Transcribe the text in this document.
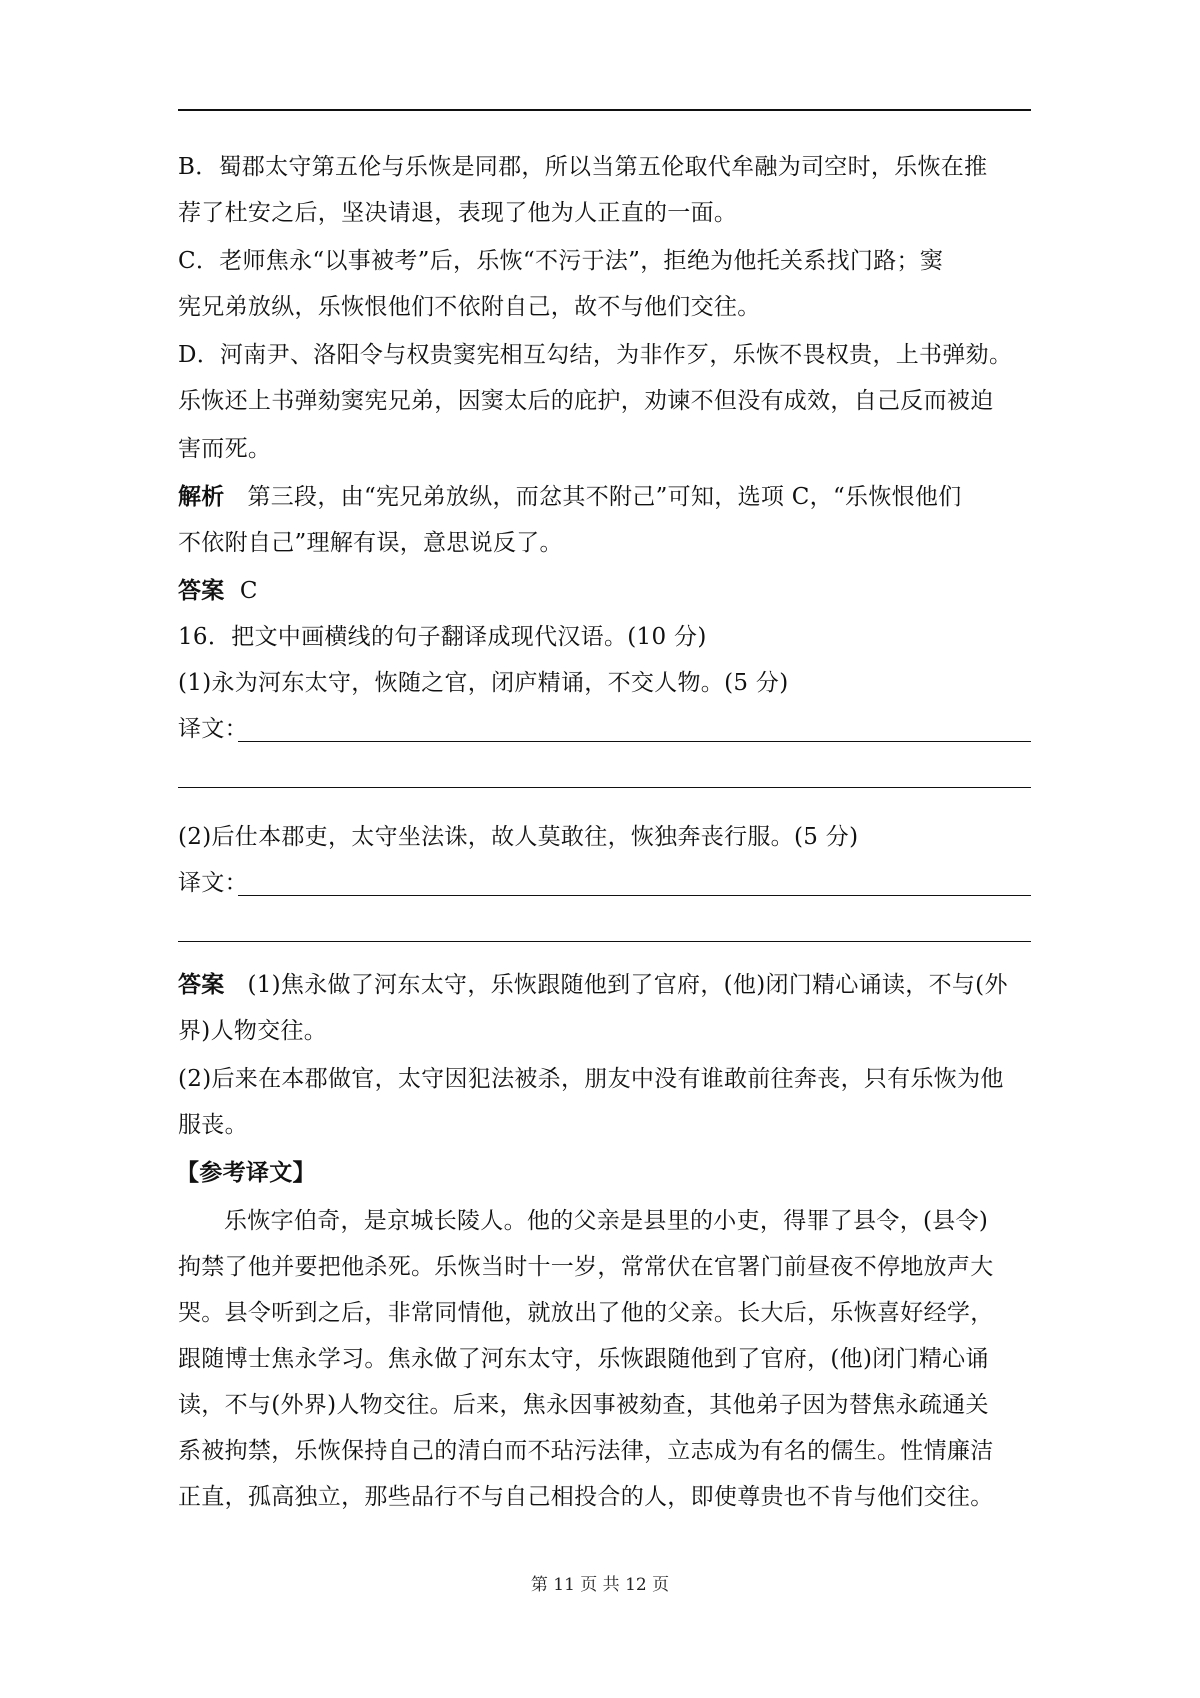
B．蜀郡太守第五伦与乐恢是同郡，所以当第五伦取代牟融为司空时，乐恢在推
荐了杜安之后，坚决请退，表现了他为人正直的一面。
C．老师焦永“以事被考”后，乐恢“不污于法”，拒绝为他托关系找门路；窦
宪兄弟放纵，乐恢恨他们不依附自己，故不与他们交往。
D．河南尹、洛阳令与权贵窦宪相互勾结，为非作歹，乐恢不畏权贵，上书弹劾。
乐恢还上书弹劾窦宪兄弟，因窦太后的庇护，劝谏不但没有成效，自己反而被迫
害而死。
解析 第三段，由“宪兄弟放纵，而忿其不附己”可知，选项 C，“乐恢恨他们
不依附自己”理解有误，意思说反了。
答案 C
16．把文中画横线的句子翻译成现代汉语。(10 分)
(1)永为河东太守，恢随之官，闭庐精诵，不交人物。(5 分)
译文：
(2)后仕本郡吏，太守坐法诛，故人莫敢往，恢独奔丧行服。(5 分)
译文：
答案 (1)焦永做了河东太守，乐恢跟随他到了官府，(他)闭门精心诵读，不与(外
界)人物交往。
(2)后来在本郡做官，太守因犯法被杀，朋友中没有谁敢前往奔丧，只有乐恢为他
服丧。
【参考译文】
乐恢字伯奇，是京城长陵人。他的父亲是县里的小吏，得罪了县令，(县令)
拘禁了他并要把他杀死。乐恢当时十一岁，常常伏在官署门前昼夜不停地放声大
哭。县令听到之后，非常同情他，就放出了他的父亲。长大后，乐恢喜好经学，
跟随博士焦永学习。焦永做了河东太守，乐恢跟随他到了官府，(他)闭门精心诵
读，不与(外界)人物交往。后来，焦永因事被劾查，其他弟子因为替焦永疏通关
系被拘禁，乐恢保持自己的清白而不玷污法律，立志成为有名的儒生。性情廉洁
正直，孤高独立，那些品行不与自己相投合的人，即使尊贵也不肯与他们交往。
第 11 页 共 12 页
